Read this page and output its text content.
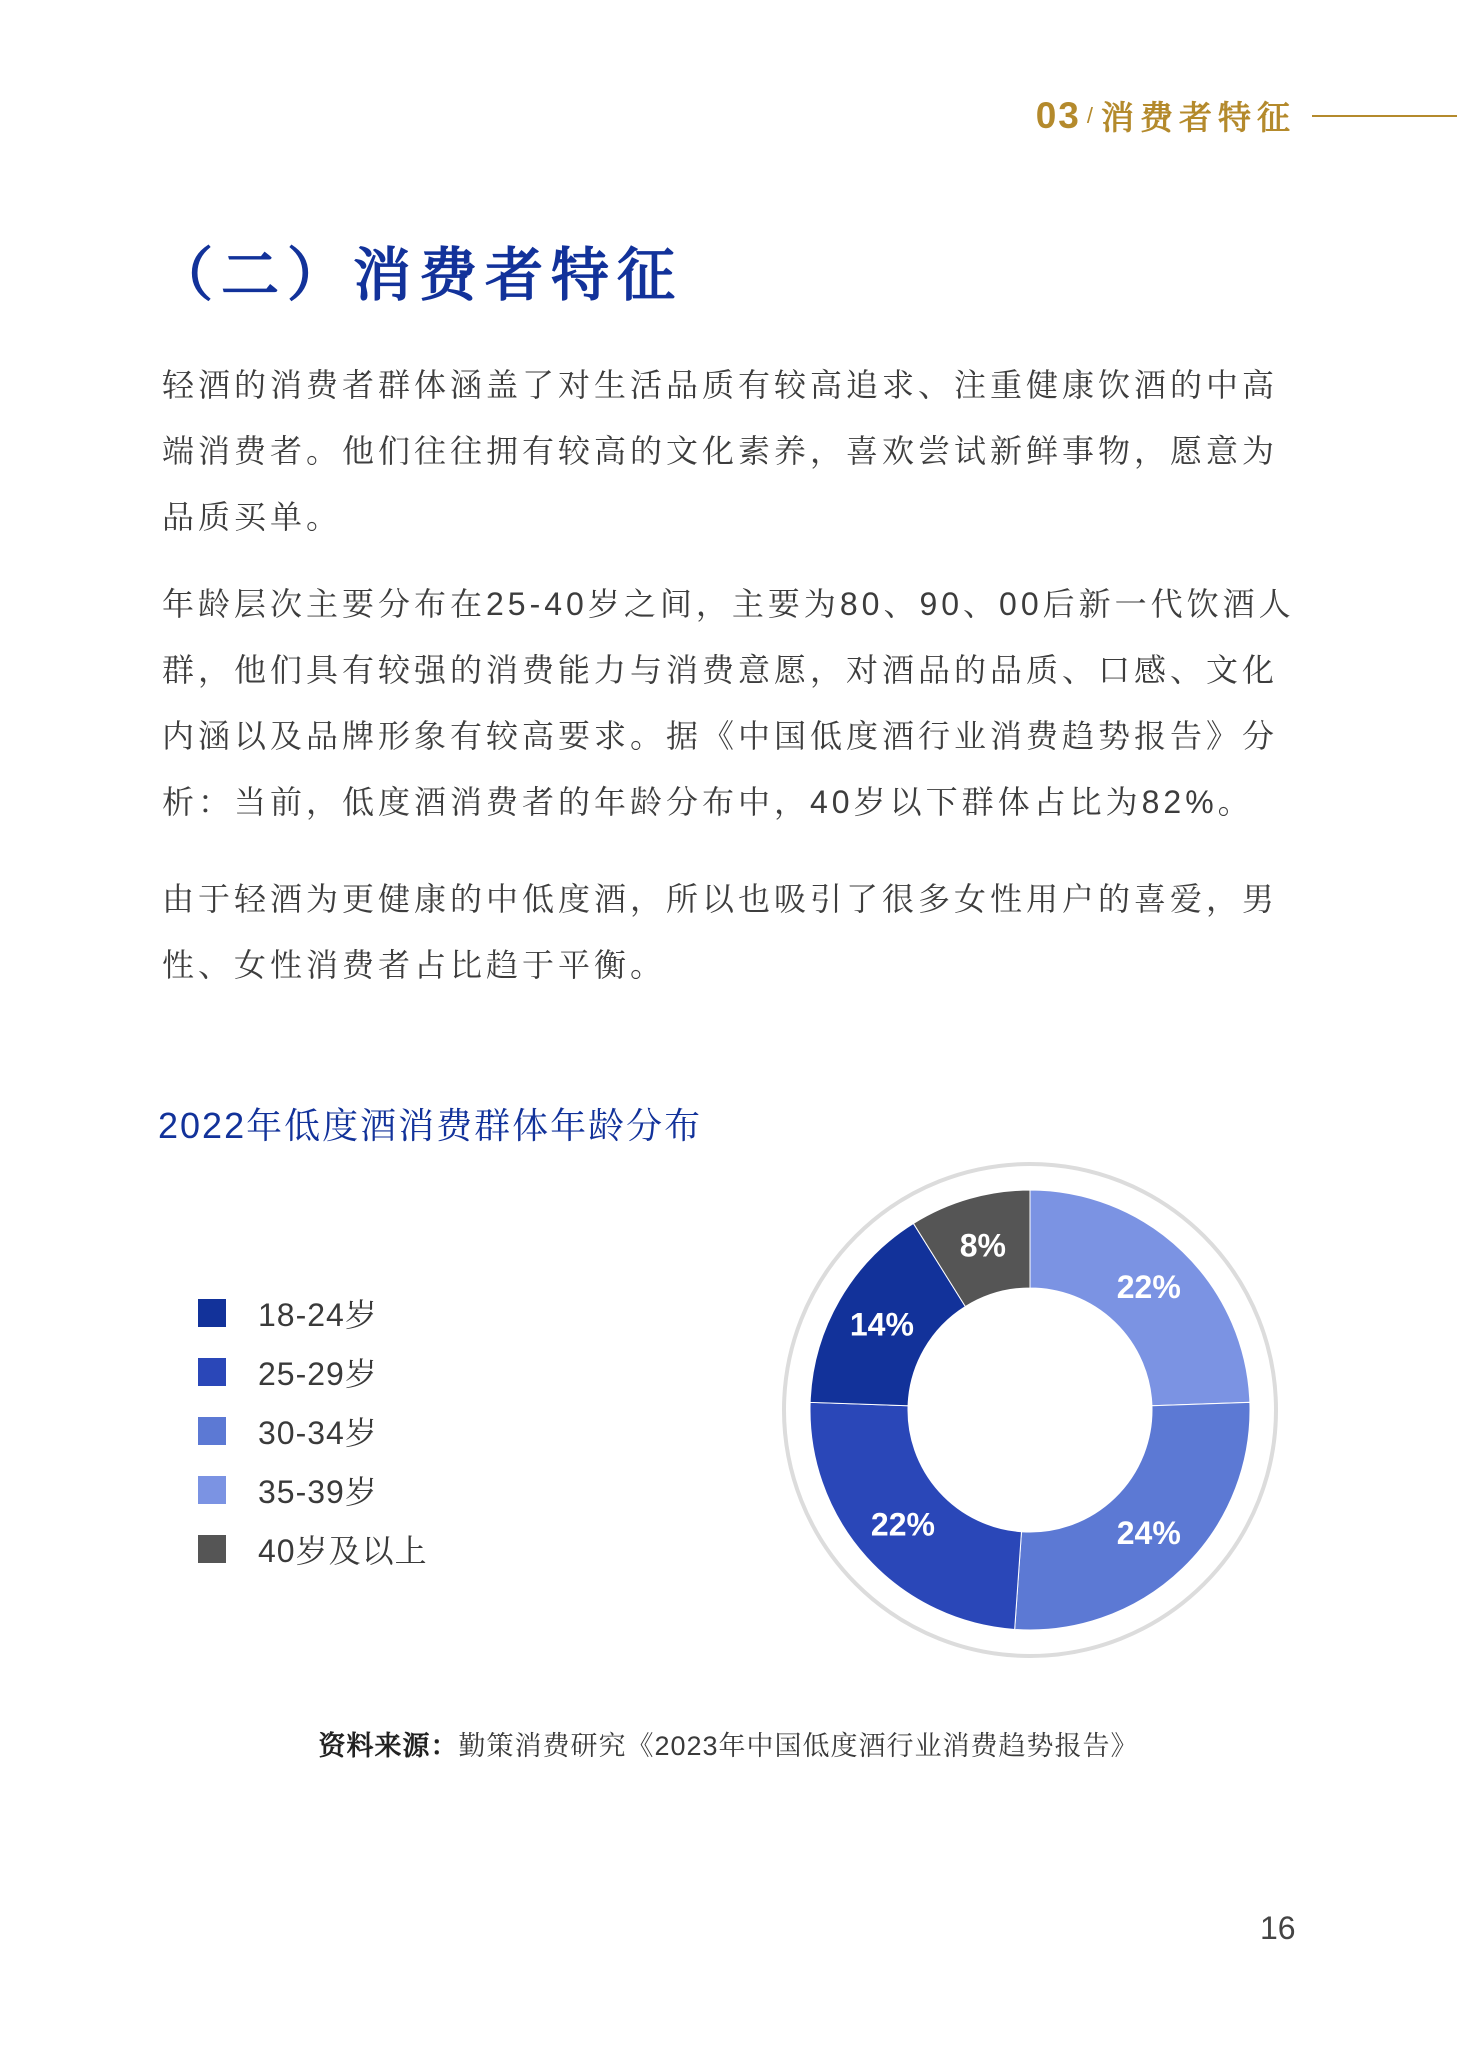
03 / 消费者特征
（二）消费者特征

轻酒的消费者群体涵盖了对生活品质有较高追求、注重健康饮酒的中高端消费者。他们往往拥有较高的文化素养，喜欢尝试新鲜事物，愿意为品质买单。

年龄层次主要分布在25-40岁之间，主要为80、90、00后新一代饮酒人群，他们具有较强的消费能力与消费意愿，对酒品的品质、口感、文化内涵以及品牌形象有较高要求。据《中国低度酒行业消费趋势报告》分析：当前，低度酒消费者的年龄分布中，40岁以下群体占比为82%。

由于轻酒为更健康的中低度酒，所以也吸引了很多女性用户的喜爱，男性、女性消费者占比趋于平衡。

2022年低度酒消费群体年龄分布
18-24岁
25-29岁
30-34岁
35-39岁
40岁及以上
22%
24%
22%
14%
8%
资料来源：勤策消费研究《2023年中国低度酒行业消费趋势报告》
16
